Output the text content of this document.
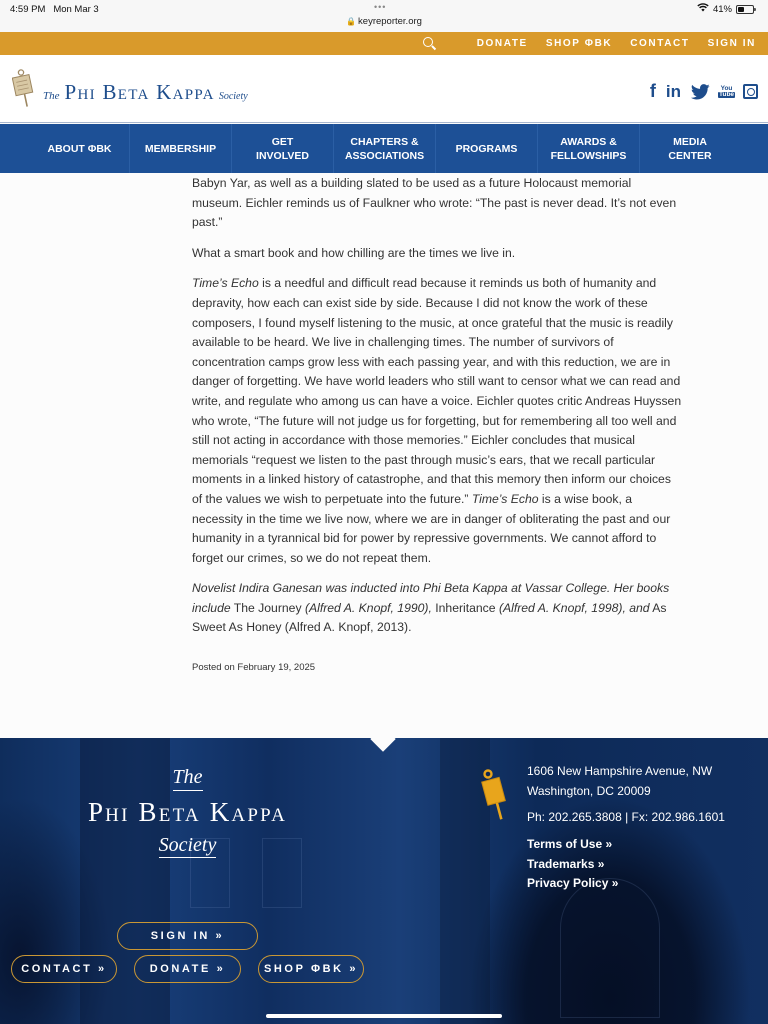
4:59 PM Mon Mar 3	•••
🔒 keyreporter.org
41%
DONATE SHOP ΦBK CONTACT SIGN IN
The Phi Beta Kappa Society	f in	You
Tube
ABOUT ΦBK	MEMBERSHIP
GET INVOLVED
CHAPTERS & ASSOCIATIONS
PROGRAMS
AWARDS & FELLOWSHIPS
MEDIA CENTER

Babyn Yar, as well as a building slated to be used as a future Holocaust memorial museum. Eichler reminds us of Faulkner who wrote: “The past is never dead. It’s not even past.”

What a smart book and how chilling are the times we live in.

Time’s Echo is a needful and difficult read because it reminds us both of humanity and depravity, how each can exist side by side. Because I did not know the work of these composers, I found myself listening to the music, at once grateful that the music is readily available to be heard. We live in challenging times. The number of survivors of concentration camps grow less with each passing year, and with this reduction, we are in danger of forgetting. We have world leaders who still want to censor what we can read and write, and regulate who among us can have a voice. Eichler quotes critic Andreas Huyssen who wrote, “The future will not judge us for forgetting, but for remembering all too well and still not acting in accordance with those memories.” Eichler concludes that musical memorials “request we listen to the past through music’s ears, that we recall particular moments in a linked history of catastrophe, and that this memory then inform our choices of the values we wish to perpetuate into the future.” Time’s Echo is a wise book, a necessity in the time we live now, where we are in danger of obliterating the past and our humanity in a tyrannical bid for power by repressive governments. We cannot afford to forget our crimes, so we do not repeat them.

Novelist Indira Ganesan was inducted into Phi Beta Kappa at Vassar College. Her books include The Journey (Alfred A. Knopf, 1990), Inheritance (Alfred A. Knopf, 1998), and As Sweet As Honey (Alfred A. Knopf, 2013).

Posted on February 19, 2025
The
Phi Beta Kappa
Society
1606 New Hampshire Avenue, NW
Washington, DC 20009
Ph: 202.265.3808 | Fx: 202.986.1601
Terms of Use »
Trademarks »
Privacy Policy »
SIGN IN »
CONTACT »	DONATE »	SHOP ΦBK »
